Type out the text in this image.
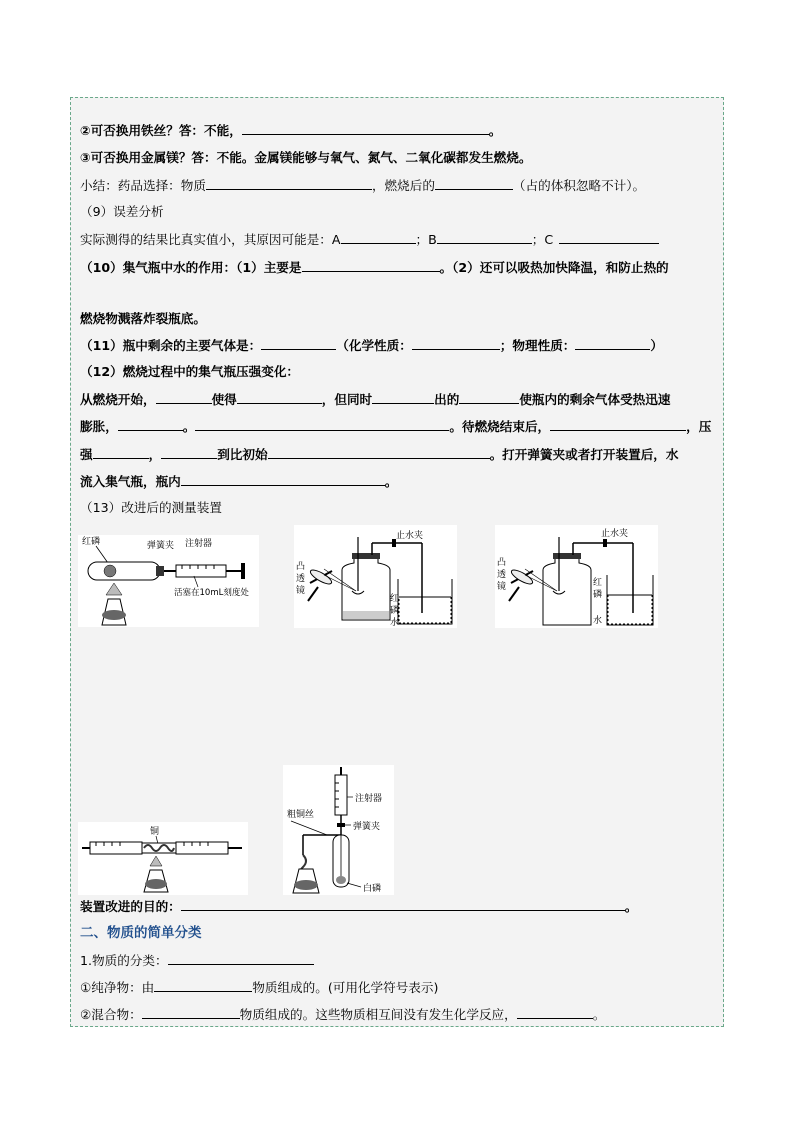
②可否换用铁丝？答：不能，	。
③可否换用金属镁？答：不能。金属镁能够与氧气、氮气、二氧化碳都发生燃烧。
小结：药品选择：物质	，燃烧后的	（占的体积忽略不计）。
（9）误差分析
实际测得的结果比真实值小，其原因可能是：A	；B	；C
（10）集气瓶中水的作用：（1）主要是	。（2）还可以吸热加快降温，和防止热的
燃烧物溅落炸裂瓶底。
（11）瓶中剩余的主要气体是：	（化学性质：	；物理性质：	）
（12）燃烧过程中的集气瓶压强变化：
从燃烧开始，	使得	，但同时	出的	使瓶内的剩余气体受热迅速
膨胀，	。	。待燃烧结束后，	，压
强	，	到比初始	。打开弹簧夹或者打开装置后，水
流入集气瓶，瓶内	。
（13）改进后的测量装置
红磷	弹簧夹 注射器
活塞在10mL刻度处
止水夹
凸
透
镜
红
磷
水
止水夹
凸
透
镜	红
磷
水
铜
注射器
粗铜丝
弹簧夹
白磷
装置改进的目的：	。
二、物质的简单分类
1.物质的分类：
①纯净物：由	物质组成的。(可用化学符号表示)
②混合物：	物质组成的。这些物质相互间没有发生化学反应，	。
